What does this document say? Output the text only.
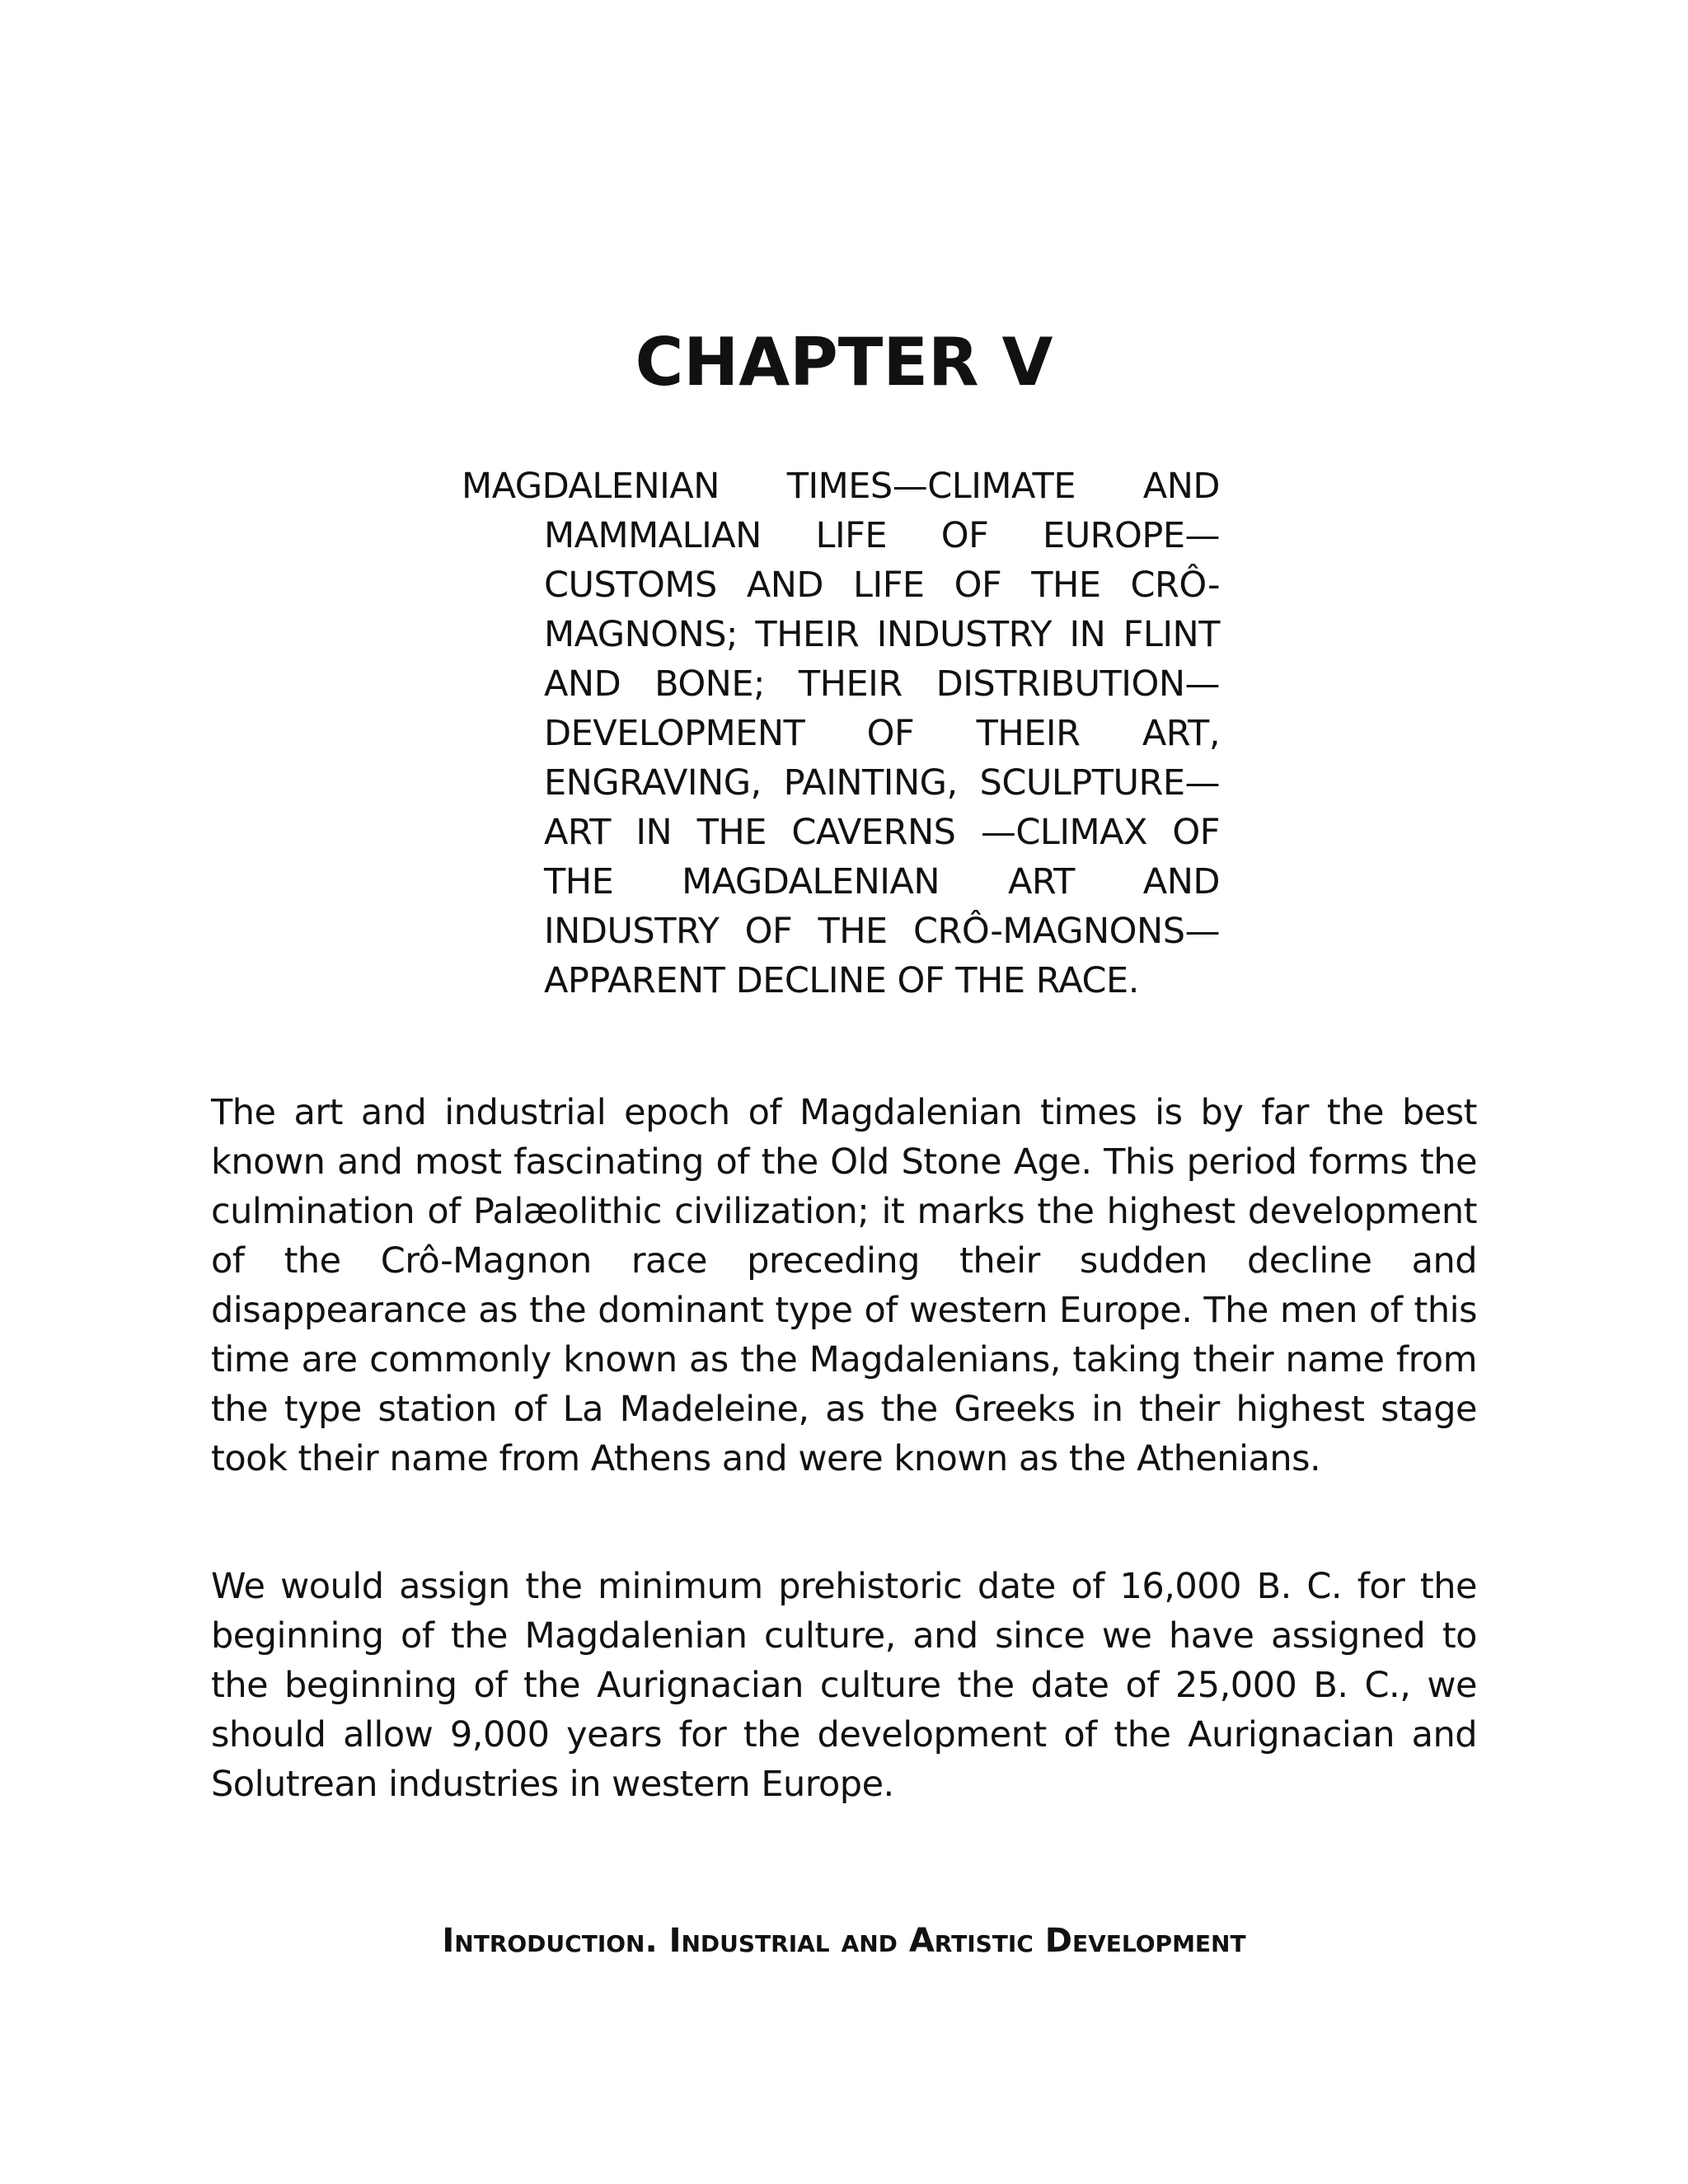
CHAPTER V

MAGDALENIAN TIMES—CLIMATE AND MAMMALIAN LIFE OF EUROPE—CUSTOMS AND LIFE OF THE CRÔ-MAGNONS; THEIR INDUSTRY IN FLINT AND BONE; THEIR DISTRIBUTION—DEVELOPMENT OF THEIR ART, ENGRAVING, PAINTING, SCULPTURE—ART IN THE CAVERNS —CLIMAX OF THE MAGDALENIAN ART AND INDUSTRY OF THE CRÔ-MAGNONS—APPARENT DECLINE OF THE RACE.

The art and industrial epoch of Magdalenian times is by far the best known and most fascinating of the Old Stone Age. This period forms the culmination of Palæolithic civilization; it marks the highest development of the Crô-Magnon race preceding their sudden decline and disappearance as the dominant type of western Europe. The men of this time are commonly known as the Magdalenians, taking their name from the type station of La Madeleine, as the Greeks in their highest stage took their name from Athens and were known as the Athenians.

We would assign the minimum prehistoric date of 16,000 B. C. for the beginning of the Magdalenian culture, and since we have assigned to the beginning of the Aurignacian culture the date of 25,000 B. C., we should allow 9,000 years for the development of the Aurignacian and Solutrean industries in western Europe.

Introduction. Industrial and Artistic Development
